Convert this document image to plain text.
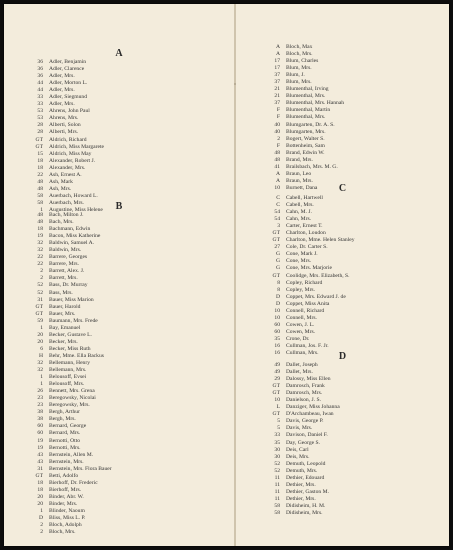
A
36	Adler, Benjamin
36	Adler, Clarence
36	Adler, Mrs.
44	Adler, Morton L.
44	Adler, Mrs.
33	Adler, Siegmund
33	Adler, Mrs.
53	Ahrens, John Paul
53	Ahrens, Mrs.
28	Alberti, Solon
28	Alberti, Mrs.
GT	Aldrich, Richard
GT	Aldrich, Miss Margarete
15	Aldrich, Miss May
18	Alexander, Robert J.
18	Alexander, Mrs.
22	Ash, Ernest A.
48	Ash, Mark
48	Ash, Mrs.
58	Auerbach, Howard L.
58	Auerbach, Mrs.
1	Augustine, Miss Helene	B
48	Bach, Milton J.
48	Bach, Mrs.
18	Bachmann, Edwin
19	Bacon, Miss Katherine
32	Baldwin, Samuel A.
32	Baldwin, Mrs.
22	Barrere, Georges
22	Barrere, Mrs.
2	Barrett, Alex. J.
2	Barrett, Mrs.
52	Bass, Dr. Murray
52	Bass, Mrs.
31	Bauer, Miss Marion
GT	Bauer, Harold
GT	Bauer, Mrs.
59	Baumann, Mrs. Frede
1	Bay, Emanuel
20	Becker, Gustave L.
20	Becker, Mrs.
6	Becker, Miss Ruth
H	Behr, Mme. Ella Backus
32	Bellemann, Henry
32	Bellemann, Mrs.
1	Belousoff, Evsei
1	Belousoff, Mrs.
26	Bennett, Mrs. Grena
23	Beregowsky, Nicolai
23	Beregowsky, Mrs.
38	Bergh, Arthur
38	Bergh, Mrs.
60	Bernard, George
60	Bernard, Mrs.
19	Bernotti, Otto
19	Bernotti, Mrs.
43	Bernstein, Allen M.
43	Bernstein, Mrs.
31	Bernstein, Mrs. Flora Bauer
GT	Betti, Adolfo
18	Bierhoff, Dr. Frederic
18	Bierhoff, Mrs.
20	Binder, Abr. W.
20	Binder, Mrs.
1	Blinder, Naoum
D	Bliss, Miss L. P.
2	Bloch, Adolph
2	Bloch, Mrs.
A	Bloch, Max
A	Bloch, Mrs.
17	Blum, Charles
17	Blum, Mrs.
37	Blum, J.
37	Blum, Mrs.
21	Blumenthal, Irving
21	Blumenthal, Mrs.
37	Blumenthal, Mrs. Hannah
F	Blumenthal, Martin
F	Blumenthal, Mrs.
40	Blumgarten, Dr. A. S.
40	Blumgarten, Mrs.
2	Bogert, Walter S.
F	Bottenheim, Sam
48	Brand, Edwin W.
48	Brand, Mrs.
41	Brailsbach, Mrs. M. G.
A	Braun, Leo
A	Braun, Mrs.
10	Burnett, Dana	C
C	Cabell, Hartwell
C	Cabell, Mrs.
54	Cahn, M. J.
54	Cahn, Mrs.
3	Carter, Ernest T.
GT	Charlton, Loudon
GT	Charlton, Mme. Helen Stanley
27	Cole, Dr. Carter S.
G	Cone, Mark J.
G	Cone, Mrs.
G	Cone, Mrs. Marjorie
GT	Coolidge, Mrs. Elizabeth, S.
8	Copley, Richard
8	Copley, Mrs.
D	Coppet, Mrs. Edward J. de
D	Coppet, Miss Anita
10	Connell, Richard
10	Connell, Mrs.
60	Cowen, J. L.
60	Cowen, Mrs.
35	Crone, Dr.
16	Cullman, Jos. F. Jr.
16	Cullman, Mrs.	D
49	Dallet, Joseph
49	Dallet, Mrs.
29	Dalossy, Miss Ellen
GT	Damrosch, Frank
GT	Damrosch, Mrs.
10	Danielson, J. S.
L	Danziger, Miss Johanna
GT	D'Archambeau, Iwan
5	Davis, George P.
5	Davis, Mrs.
33	Davison, Daniel F.
35	Day, George S.
30	Deis, Carl
30	Deis, Mrs.
52	Demuth, Leopold
52	Demuth, Mrs.
11	Dethier, Edouard
11	Dethier, Mrs.
11	Dethier, Gaston M.
11	Dethier, Mrs.
58	Didisheim, H. M.
58	Didisheim, Mrs.
